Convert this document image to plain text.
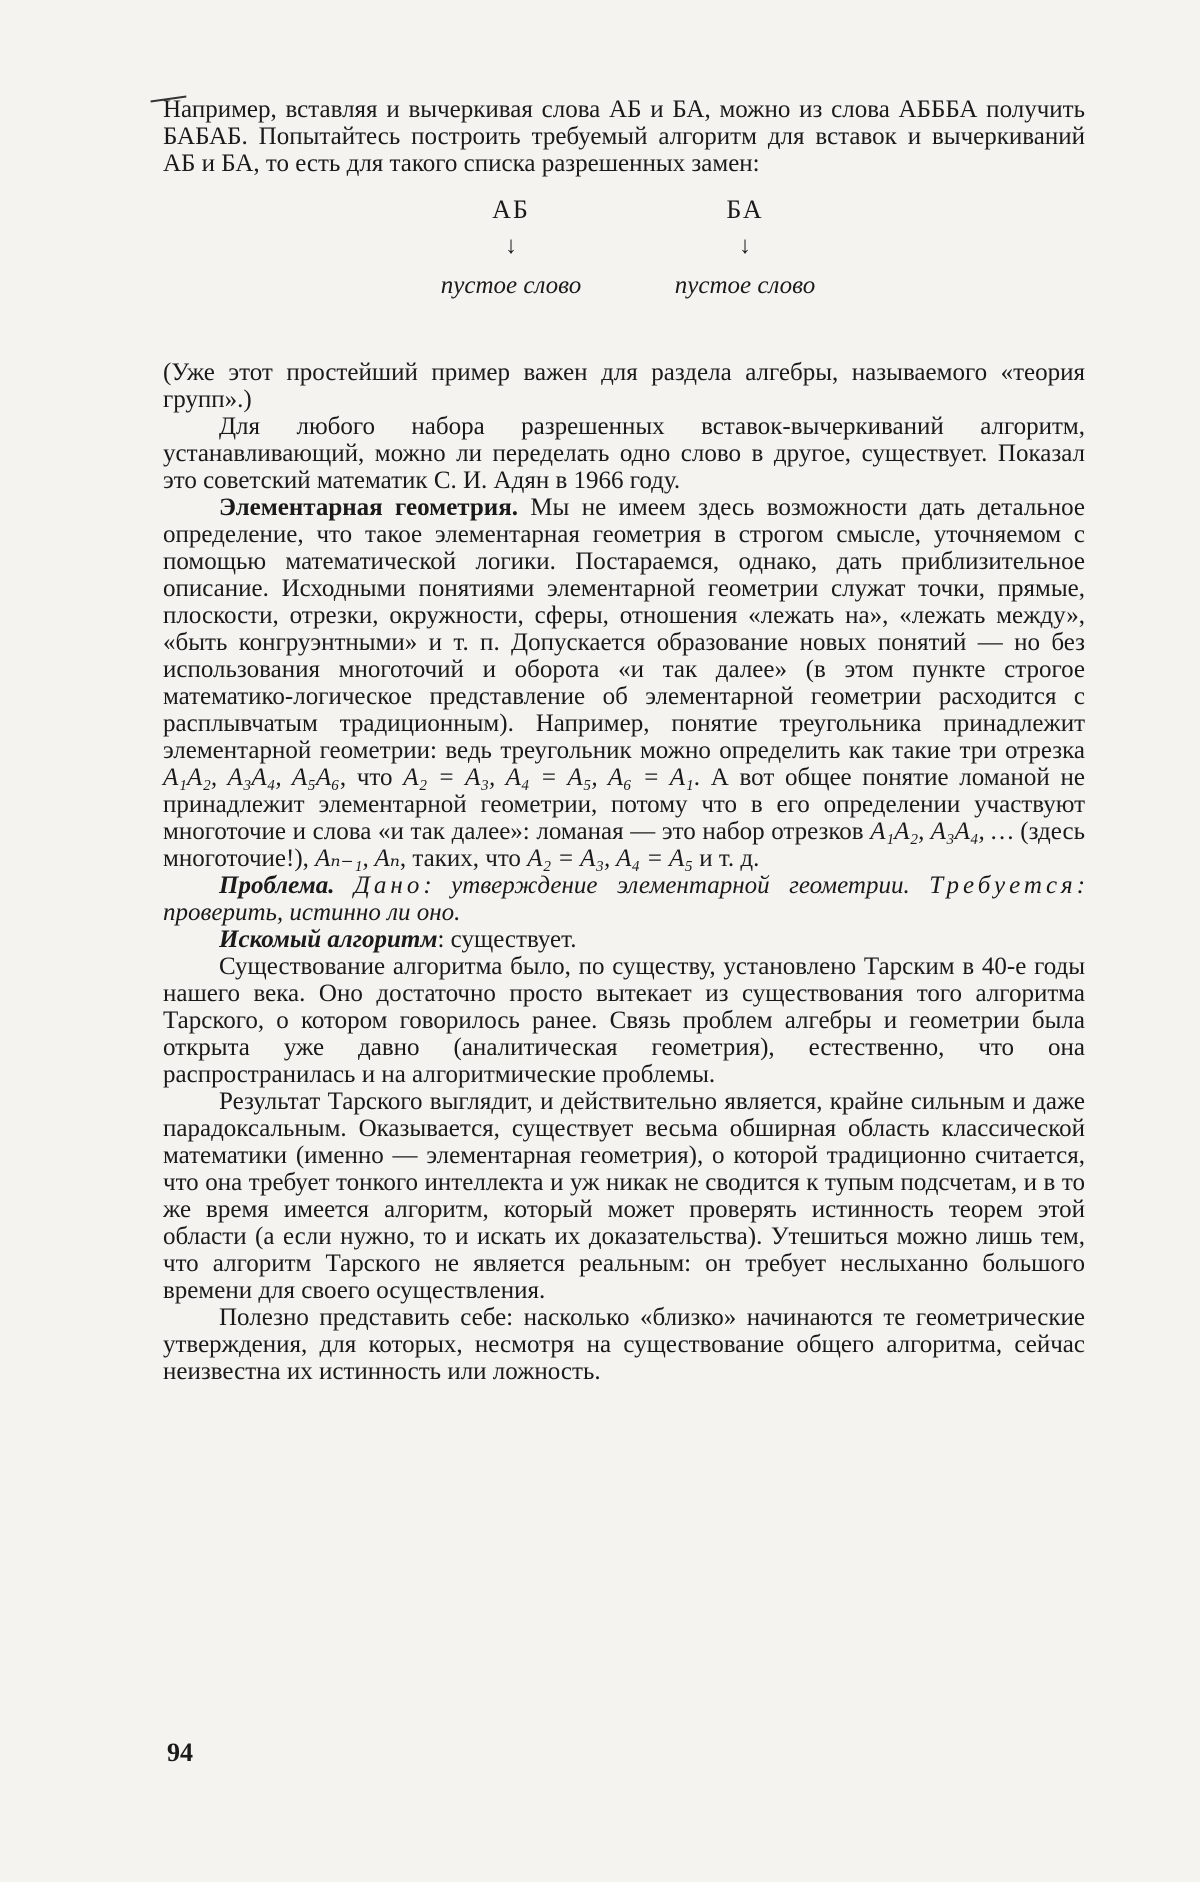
Например, вставляя и вычеркивая слова АБ и БА, можно из слова АБББА получить БАБАБ. Попытайтесь построить требуемый алгоритм для вставок и вычеркиваний АБ и БА, то есть для такого списка разрешенных замен:

АБ
↓
пустое слово
БА
↓
пустое слово

(Уже этот простейший пример важен для раздела алгебры, называемого «теория групп».)

Для любого набора разрешенных вставок-вычеркиваний алгоритм, устанавливающий, можно ли переделать одно слово в другое, существует. Показал это советский математик С. И. Адян в 1966 году.

Элементарная геометрия. Мы не имеем здесь возможности дать детальное определение, что такое элементарная геометрия в строгом смысле, уточняемом с помощью математической логики. Постараемся, однако, дать приблизительное описание. Исходными понятиями элементарной геометрии служат точки, прямые, плоскости, отрезки, окружности, сферы, отношения «лежать на», «лежать между», «быть конгруэнтными» и т. п. Допускается образование новых понятий — но без использования многоточий и оборота «и так далее» (в этом пункте строгое математико-логическое представление об элементарной геометрии расходится с расплывчатым традиционным). Например, понятие треугольника принадлежит элементарной геометрии: ведь треугольник можно определить как такие три отрезка A₁A₂, A₃A₄, A₅A₆, что A₂ = A₃, A₄ = A₅, A₆ = A₁. А вот общее понятие ломаной не принадлежит элементарной геометрии, потому что в его определении участвуют многоточие и слова «и так далее»: ломаная — это набор отрезков A₁A₂, A₃A₄, … (здесь многоточие!), Aₙ₋₁, Aₙ, таких, что A₂ = A₃, A₄ = A₅ и т. д.

Проблема. Дано: утверждение элементарной геометрии. Требуется: проверить, истинно ли оно.

Искомый алгоритм: существует.

Существование алгоритма было, по существу, установлено Тарским в 40-е годы нашего века. Оно достаточно просто вытекает из существования того алгоритма Тарского, о котором говорилось ранее. Связь проблем алгебры и геометрии была открыта уже давно (аналитическая геометрия), естественно, что она распространилась и на алгоритмические проблемы.

Результат Тарского выглядит, и действительно является, крайне сильным и даже парадоксальным. Оказывается, существует весьма обширная область классической математики (именно — элементарная геометрия), о которой традиционно считается, что она требует тонкого интеллекта и уж никак не сводится к тупым подсчетам, и в то же время имеется алгоритм, который может проверять истинность теорем этой области (а если нужно, то и искать их доказательства). Утешиться можно лишь тем, что алгоритм Тарского не является реальным: он требует неслыханно большого времени для своего осуществления.

Полезно представить себе: насколько «близко» начинаются те геометрические утверждения, для которых, несмотря на существование общего алгоритма, сейчас неизвестна их истинность или ложность.

94
